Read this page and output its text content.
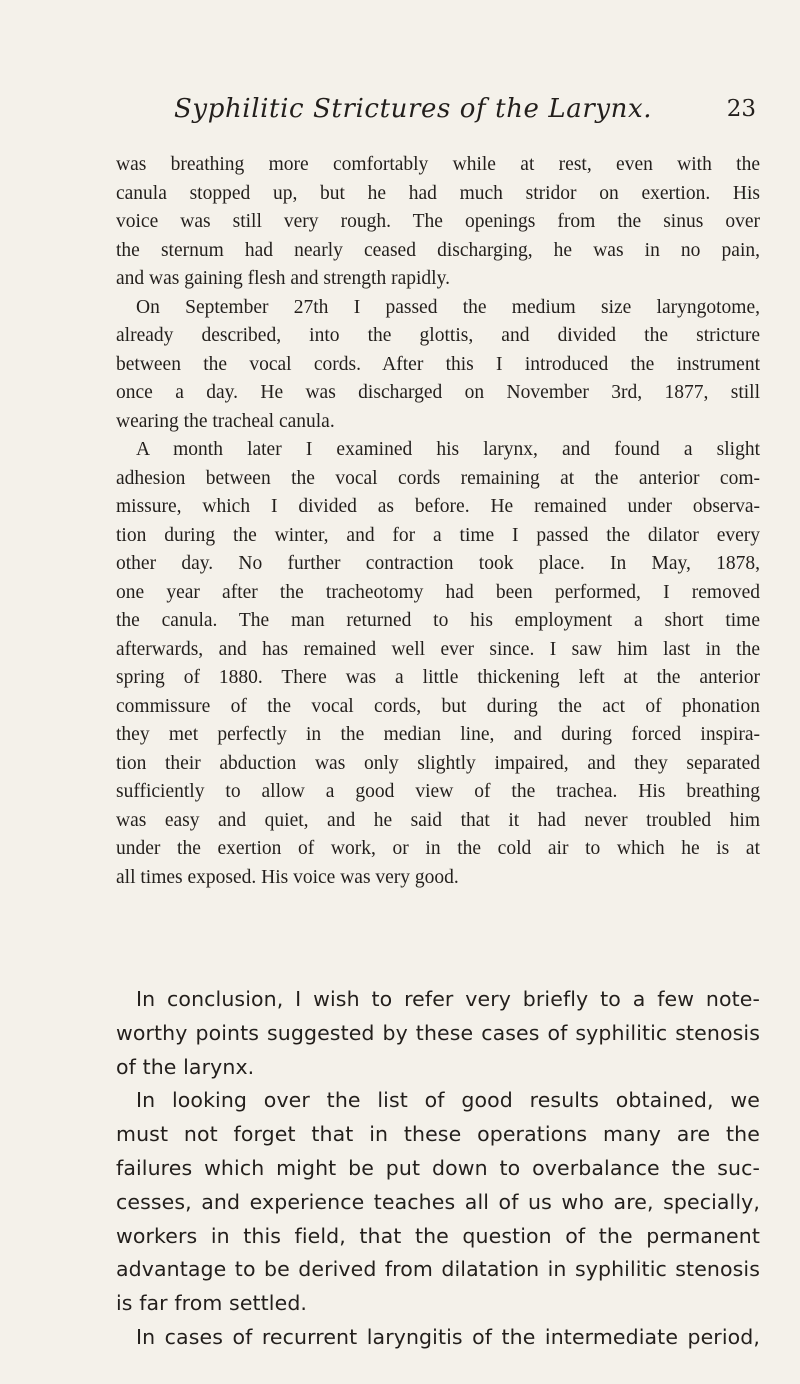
Syphilitic Strictures of the Larynx.	23
was breathing more comfortably while at rest, even with the
canula stopped up, but he had much stridor on exertion. His
voice was still very rough. The openings from the sinus over
the sternum had nearly ceased discharging, he was in no pain,
and was gaining flesh and strength rapidly.
On September 27th I passed the medium size laryngotome,
already described, into the glottis, and divided the stricture
between the vocal cords. After this I introduced the instrument
once a day. He was discharged on November 3rd, 1877, still
wearing the tracheal canula.
A month later I examined his larynx, and found a slight
adhesion between the vocal cords remaining at the anterior com-
missure, which I divided as before. He remained under observa-
tion during the winter, and for a time I passed the dilator every
other day. No further contraction took place. In May, 1878,
one year after the tracheotomy had been performed, I removed
the canula. The man returned to his employment a short time
afterwards, and has remained well ever since. I saw him last in the
spring of 1880. There was a little thickening left at the anterior
commissure of the vocal cords, but during the act of phonation
they met perfectly in the median line, and during forced inspira-
tion their abduction was only slightly impaired, and they separated
sufficiently to allow a good view of the trachea. His breathing
was easy and quiet, and he said that it had never troubled him
under the exertion of work, or in the cold air to which he is at
all times exposed. His voice was very good.
In conclusion, I wish to refer very briefly to a few note-
worthy points suggested by these cases of syphilitic stenosis
of the larynx.
In looking over the list of good results obtained, we
must not forget that in these operations many are the
failures which might be put down to overbalance the suc-
cesses, and experience teaches all of us who are, specially,
workers in this field, that the question of the permanent
advantage to be derived from dilatation in syphilitic stenosis
is far from settled.
In cases of recurrent laryngitis of the intermediate period,
